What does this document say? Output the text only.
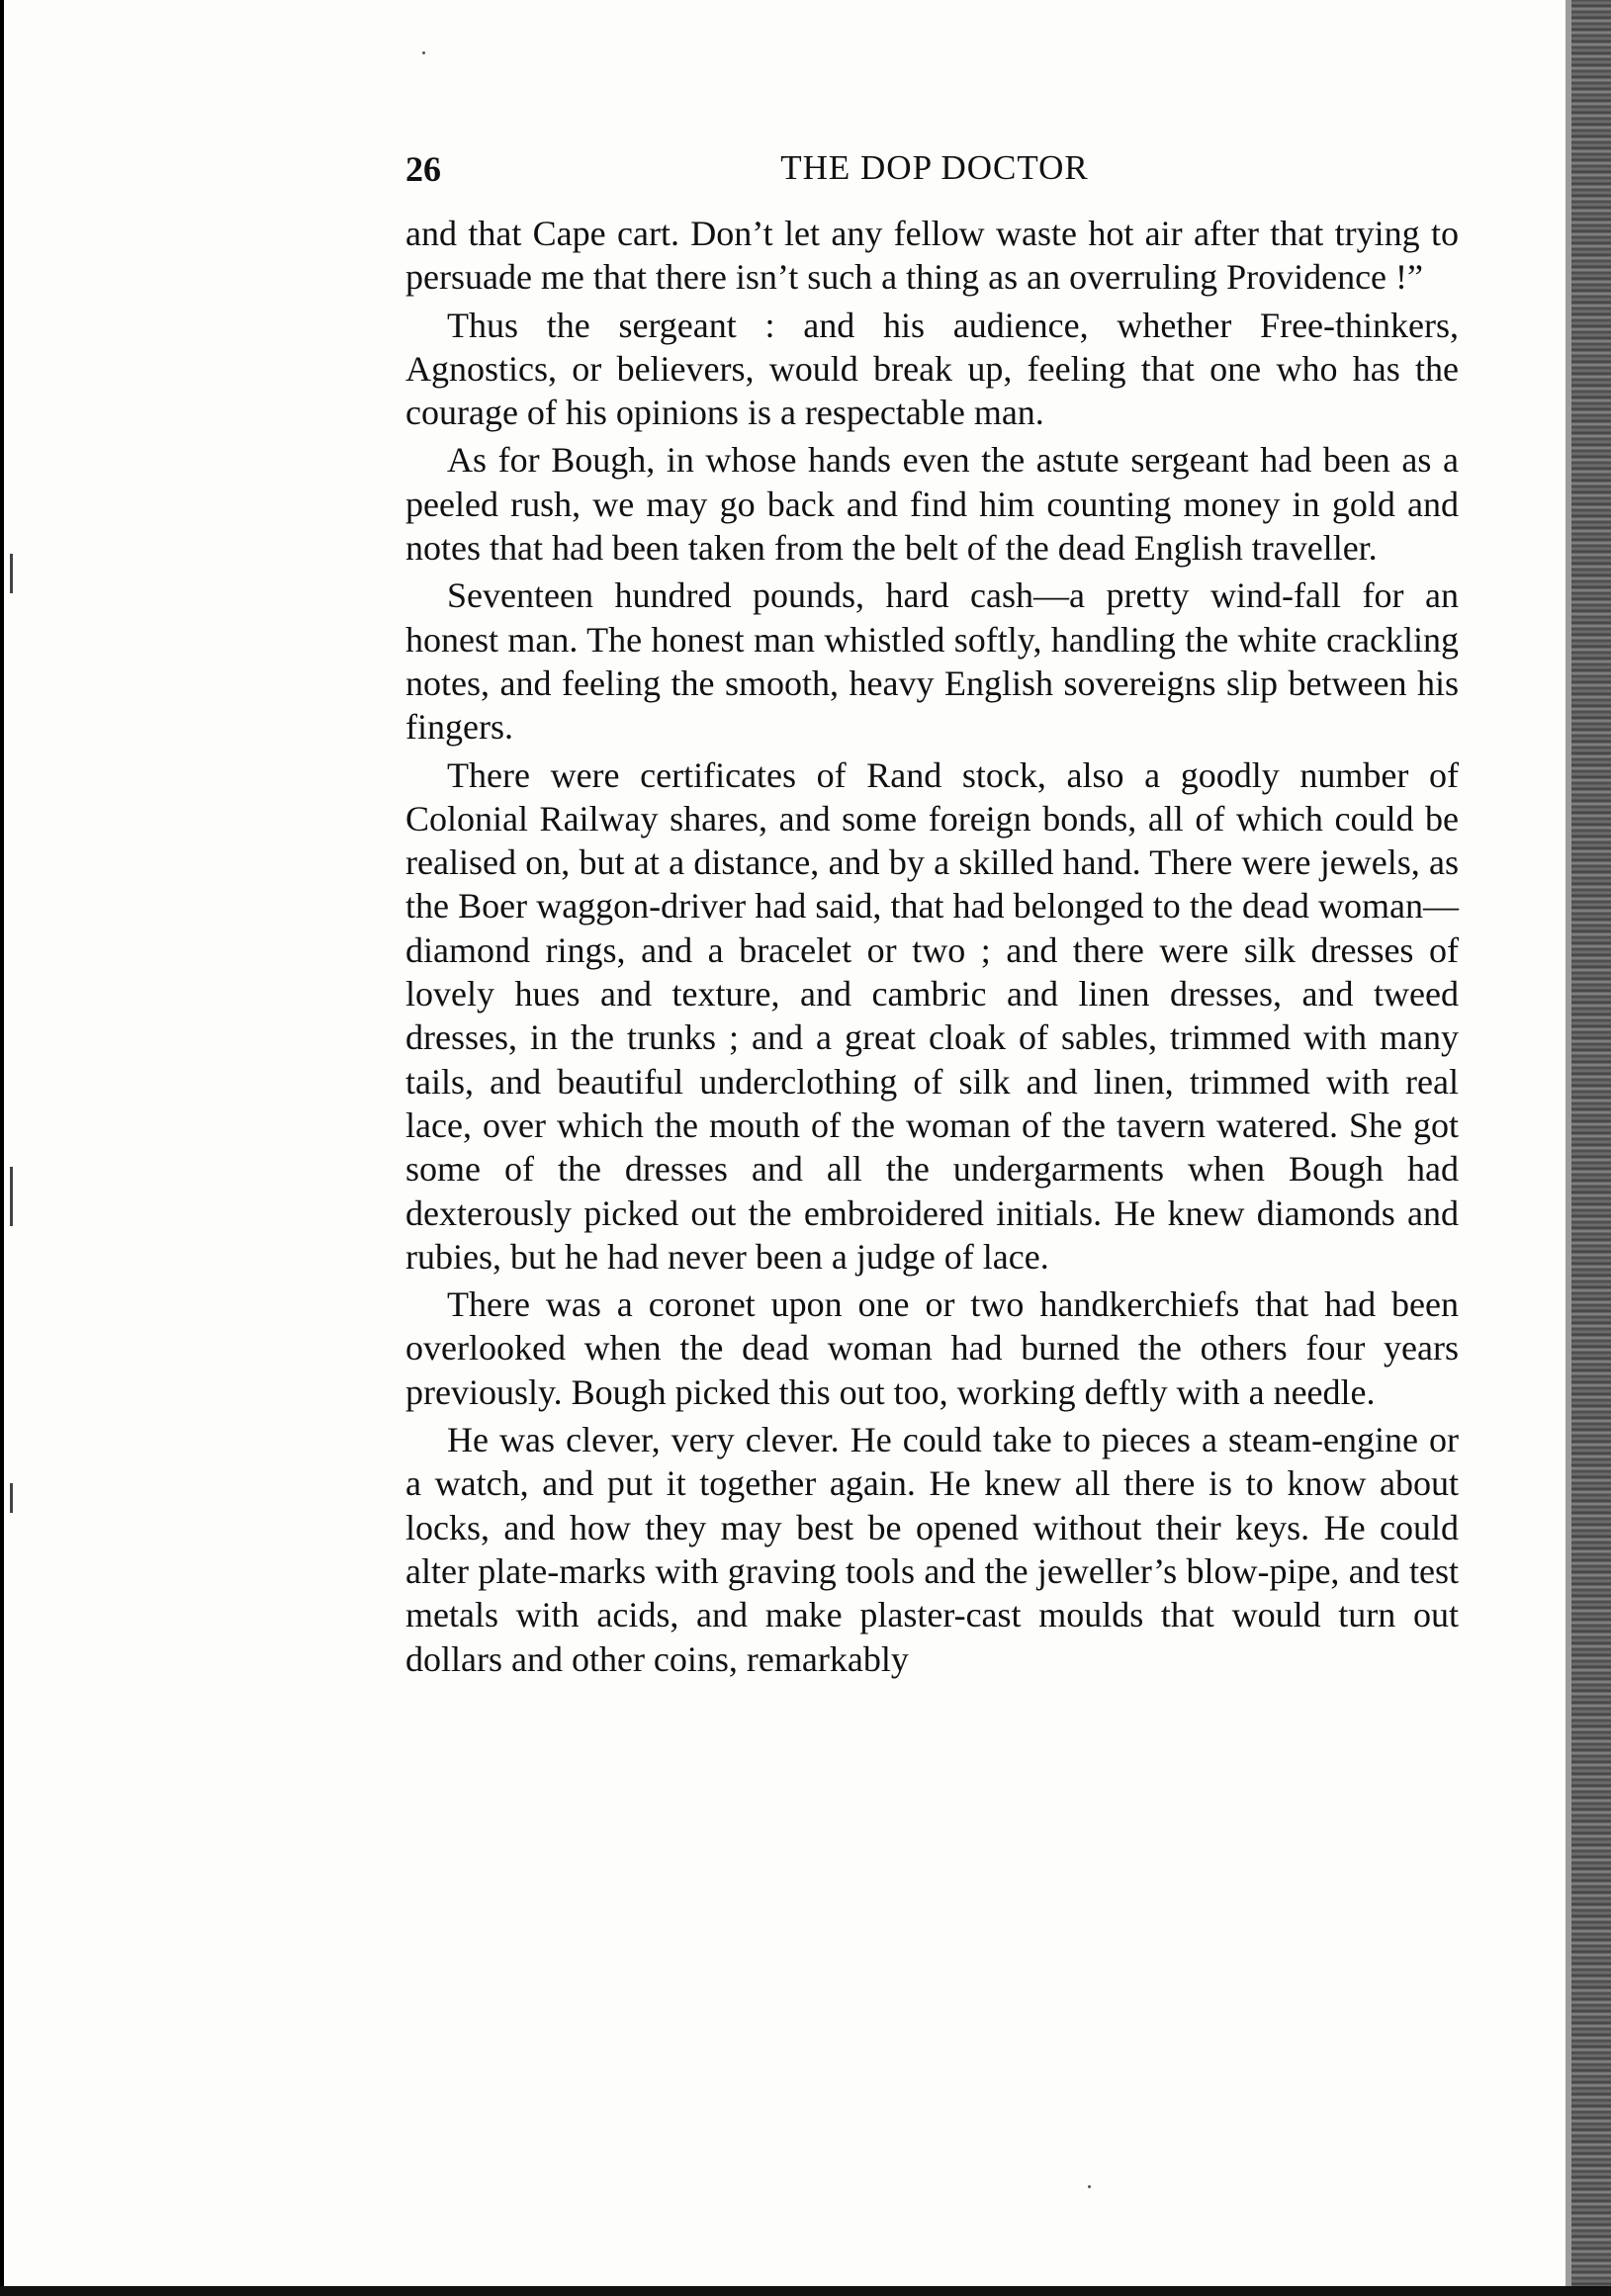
26	THE DOP DOCTOR

and that Cape cart. Don’t let any fellow waste hot air after that trying to persuade me that there isn’t such a thing as an overruling Providence !”

Thus the sergeant : and his audience, whether Free-thinkers, Agnostics, or believers, would break up, feeling that one who has the courage of his opinions is a respectable man.

As for Bough, in whose hands even the astute sergeant had been as a peeled rush, we may go back and find him counting money in gold and notes that had been taken from the belt of the dead English traveller.

Seventeen hundred pounds, hard cash—a pretty wind-fall for an honest man. The honest man whistled softly, handling the white crackling notes, and feeling the smooth, heavy English sovereigns slip between his fingers.

There were certificates of Rand stock, also a goodly number of Colonial Railway shares, and some foreign bonds, all of which could be realised on, but at a distance, and by a skilled hand. There were jewels, as the Boer waggon-driver had said, that had belonged to the dead woman—diamond rings, and a bracelet or two ; and there were silk dresses of lovely hues and texture, and cambric and linen dresses, and tweed dresses, in the trunks ; and a great cloak of sables, trimmed with many tails, and beautiful underclothing of silk and linen, trimmed with real lace, over which the mouth of the woman of the tavern watered. She got some of the dresses and all the undergarments when Bough had dexterously picked out the embroidered initials. He knew diamonds and rubies, but he had never been a judge of lace.

There was a coronet upon one or two handkerchiefs that had been overlooked when the dead woman had burned the others four years previously. Bough picked this out too, working deftly with a needle.

He was clever, very clever. He could take to pieces a steam-engine or a watch, and put it together again. He knew all there is to know about locks, and how they may best be opened without their keys. He could alter plate-marks with graving tools and the jeweller’s blow-pipe, and test metals with acids, and make plaster-cast moulds that would turn out dollars and other coins, remarkably
